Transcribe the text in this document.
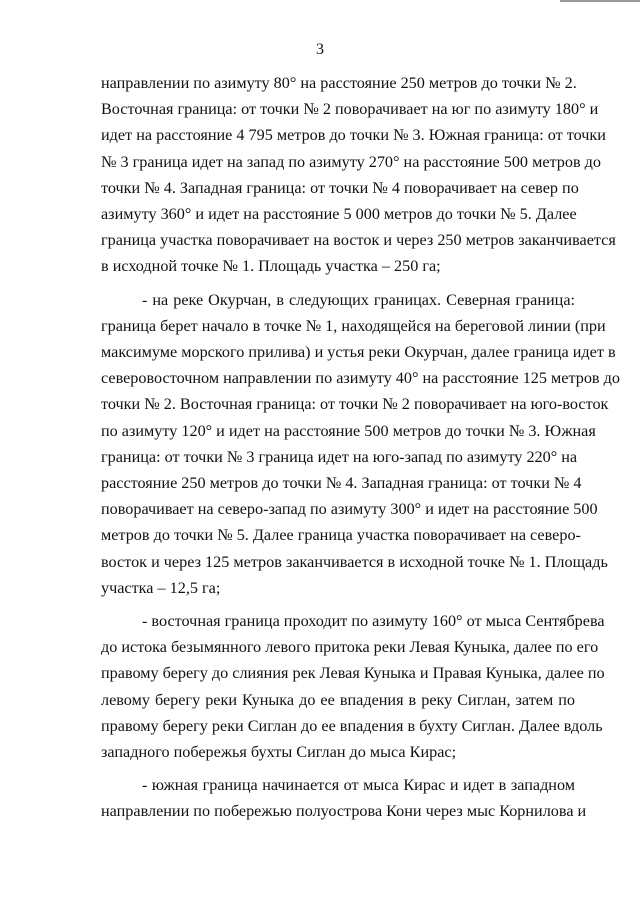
3
направлении по азимуту 80° на расстояние 250 метров до точки № 2.
Восточная граница: от точки № 2 поворачивает на юг по азимуту 180° и
идет на расстояние 4 795 метров до точки № 3. Южная граница: от точки
№ 3 граница идет на запад по азимуту 270° на расстояние 500 метров до
точки № 4. Западная граница: от точки № 4 поворачивает на север по
азимуту 360° и идет на расстояние 5 000 метров до точки № 5. Далее
граница участка поворачивает на восток и через 250 метров заканчивается
в исходной точке № 1. Площадь участка – 250 га;
- на реке Окурчан, в следующих границах. Северная граница:
граница берет начало в точке № 1, находящейся на береговой линии (при
максимуме морского прилива) и устья реки Окурчан, далее граница идет в
северовосточном направлении по азимуту 40° на расстояние 125 метров до
точки № 2. Восточная граница: от точки № 2 поворачивает на юго-восток
по азимуту 120° и идет на расстояние 500 метров до точки № 3. Южная
граница: от точки № 3 граница идет на юго-запад по азимуту 220° на
расстояние 250 метров до точки № 4. Западная граница: от точки № 4
поворачивает на северо-запад по азимуту 300° и идет на расстояние 500
метров до точки № 5. Далее граница участка поворачивает на северо-
восток и через 125 метров заканчивается в исходной точке № 1. Площадь
участка – 12,5 га;
- восточная граница проходит по азимуту 160° от мыса Сентябрева
до истока безымянного левого притока реки Левая Куныка, далее по его
правому берегу до слияния рек Левая Куныка и Правая Куныка, далее по
левому берегу реки Куныка до ее впадения в реку Сиглан, затем по
правому берегу реки Сиглан до ее впадения в бухту Сиглан. Далее вдоль
западного побережья бухты Сиглан до мыса Кирас;
- южная граница начинается от мыса Кирас и идет в западном
направлении по побережью полуострова Кони через мыс Корнилова и
